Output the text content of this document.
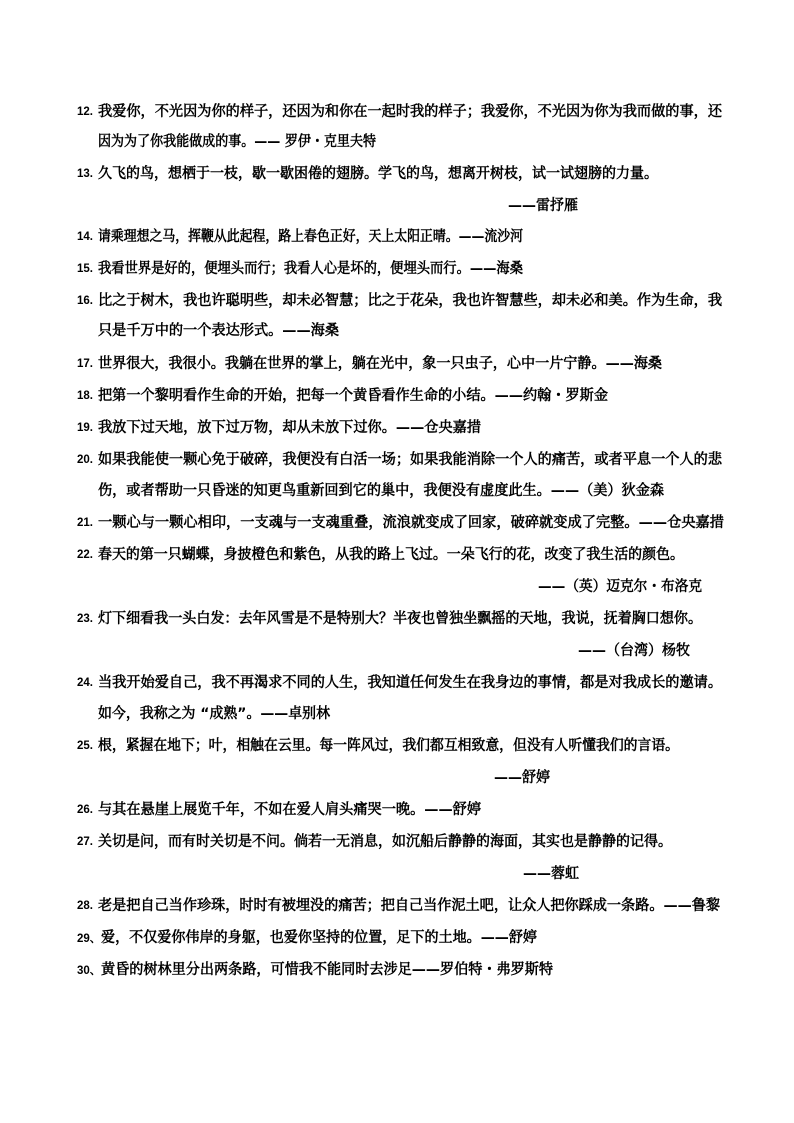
12. 我爱你，不光因为你的样子，还因为和你在一起时我的样子；我爱你，不光因为你为我而做的事，还
因为为了你我能做成的事。—— 罗伊・克里夫特
13. 久飞的鸟，想栖于一枝，歇一歇困倦的翅膀。学飞的鸟，想离开树枝，试一试翅膀的力量。
——雷抒雁
14. 请乘理想之马，挥鞭从此起程，路上春色正好，天上太阳正晴。——流沙河
15. 我看世界是好的，便埋头而行；我看人心是坏的，便埋头而行。——海桑
16. 比之于树木，我也许聪明些，却未必智慧；比之于花朵，我也许智慧些，却未必和美。作为生命，我
只是千万中的一个表达形式。——海桑
17. 世界很大，我很小。我躺在世界的掌上，躺在光中，象一只虫子，心中一片宁静。——海桑
18. 把第一个黎明看作生命的开始，把每一个黄昏看作生命的小结。——约翰・罗斯金
19. 我放下过天地，放下过万物，却从未放下过你。——仓央嘉措
20. 如果我能使一颗心免于破碎，我便没有白活一场；如果我能消除一个人的痛苦，或者平息一个人的悲
伤，或者帮助一只昏迷的知更鸟重新回到它的巢中，我便没有虚度此生。——（美）狄金森
21. 一颗心与一颗心相印，一支魂与一支魂重叠，流浪就变成了回家，破碎就变成了完整。——仓央嘉措
22. 春天的第一只蝴蝶，身披橙色和紫色，从我的路上飞过。一朵飞行的花，改变了我生活的颜色。
——（英）迈克尔・布洛克
23. 灯下细看我一头白发：去年风雪是不是特别大？半夜也曾独坐飘摇的天地，我说，抚着胸口想你。
——（台湾）杨牧
24. 当我开始爱自己，我不再渴求不同的人生，我知道任何发生在我身边的事情，都是对我成长的邀请。
如今，我称之为 “成熟”。——卓别林
25. 根，紧握在地下；叶，相触在云里。每一阵风过，我们都互相致意，但没有人听懂我们的言语。
——舒婷
26. 与其在悬崖上展览千年，不如在爱人肩头痛哭一晚。——舒婷
27. 关切是问，而有时关切是不问。倘若一无消息，如沉船后静静的海面，其实也是静静的记得。
——蓉虹
28. 老是把自己当作珍珠，时时有被埋没的痛苦；把自己当作泥土吧，让众人把你踩成一条路。——鲁黎
29、爱，不仅爱你伟岸的身躯，也爱你坚持的位置，足下的土地。——舒婷
30、黄昏的树林里分出两条路，可惜我不能同时去涉足——罗伯特・弗罗斯特
